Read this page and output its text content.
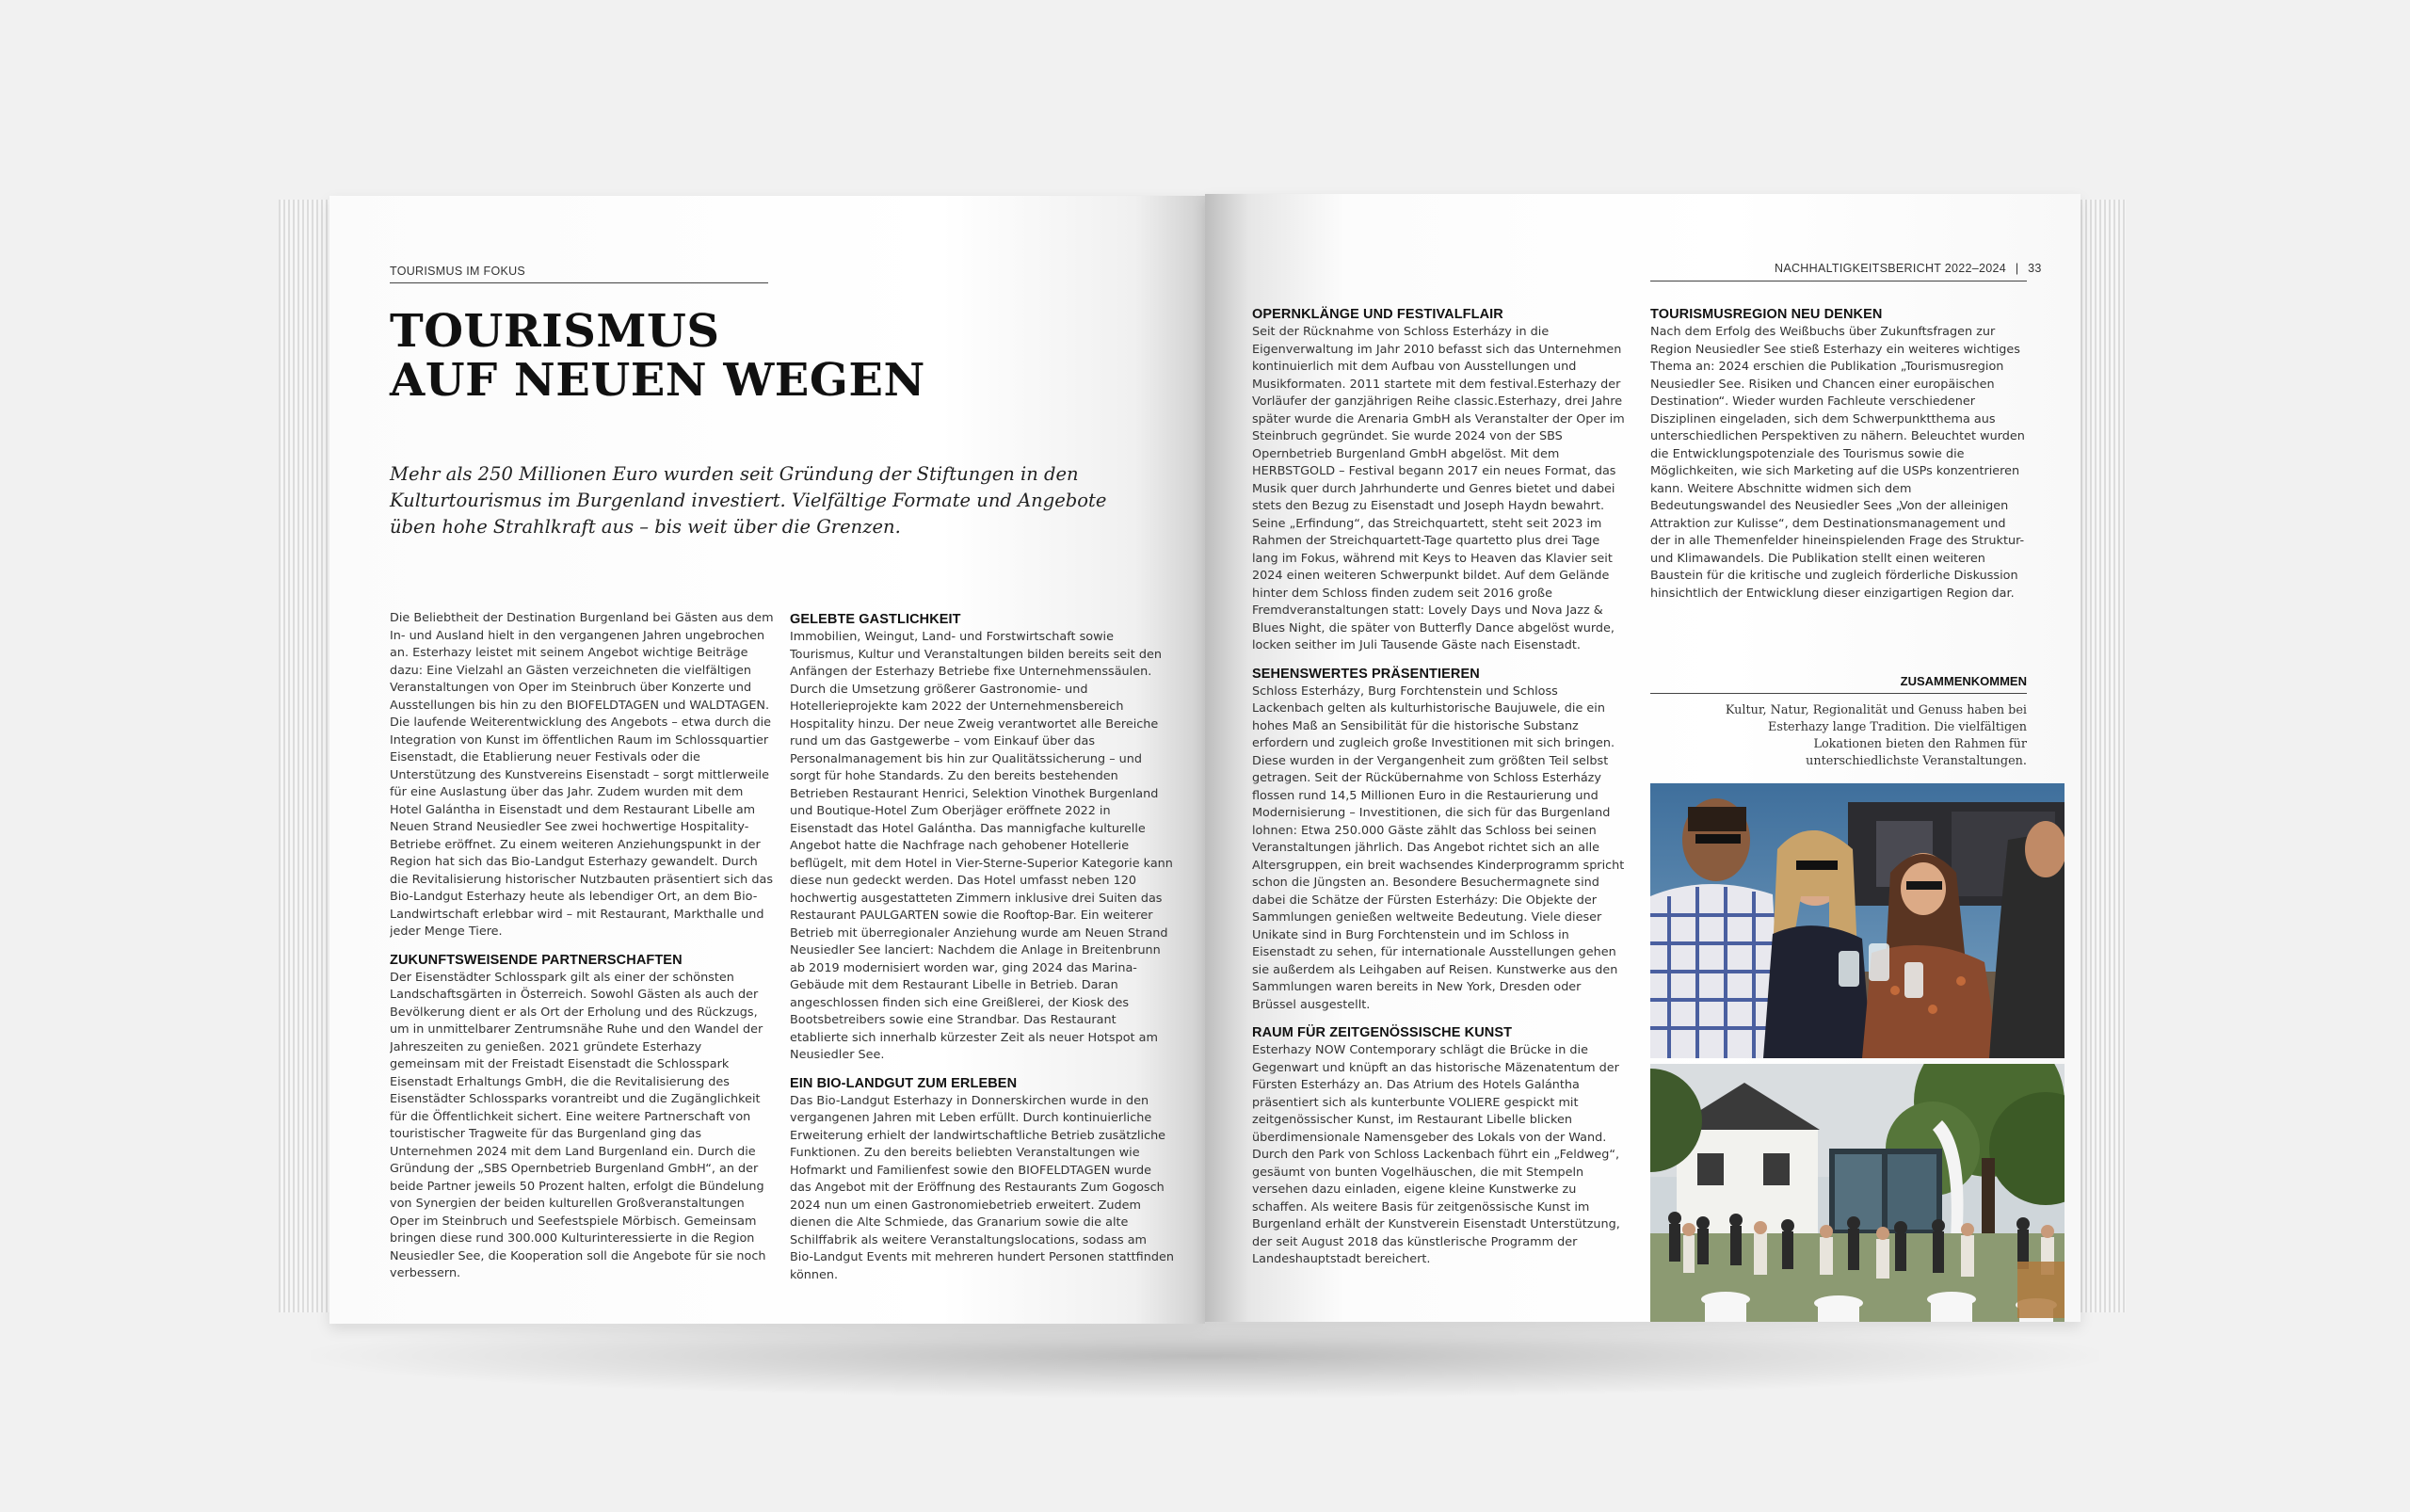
TOURISMUS IM FOKUS
TOURISMUS
AUF NEUEN WEGEN
Mehr als 250 Millionen Euro wurden seit Gründung der Stiftungen in den Kulturtourismus im Burgenland investiert. Vielfältige Formate und Angebote üben hohe Strahlkraft aus – bis weit über die Grenzen.

Die Beliebtheit der Destination Burgenland bei Gästen aus dem In- und Ausland hielt in den vergangenen Jahren ungebrochen an. Esterhazy leistet mit seinem Angebot wichtige Beiträge dazu: Eine Vielzahl an Gästen verzeichneten die vielfältigen Veranstaltungen von Oper im Steinbruch über Konzerte und Ausstellungen bis hin zu den BIOFELDTAGEN und WALDTAGEN. Die laufende Weiterentwicklung des Angebots – etwa durch die Integration von Kunst im öffentlichen Raum im Schlossquartier Eisenstadt, die Etablierung neuer Festivals oder die Unterstützung des Kunstvereins Eisenstadt – sorgt mittlerweile für eine Auslastung über das Jahr. Zudem wurden mit dem Hotel Galántha in Eisenstadt und dem Restaurant Libelle am Neuen Strand Neusiedler See zwei hochwertige Hospitality-Betriebe eröffnet. Zu einem weiteren Anziehungspunkt in der Region hat sich das Bio-Landgut Esterhazy gewandelt. Durch die Revitalisierung historischer Nutzbauten präsentiert sich das Bio-Landgut Esterhazy heute als lebendiger Ort, an dem Bio-Landwirtschaft erlebbar wird – mit Restaurant, Markthalle und jeder Menge Tiere.

ZUKUNFTSWEISENDE PARTNERSCHAFTEN

Der Eisenstädter Schlosspark gilt als einer der schönsten Landschaftsgärten in Österreich. Sowohl Gästen als auch der Bevölkerung dient er als Ort der Erholung und des Rückzugs, um in unmittelbarer Zentrumsnähe Ruhe und den Wandel der Jahreszeiten zu genießen. 2021 gründete Esterhazy gemeinsam mit der Freistadt Eisenstadt die Schlosspark Eisenstadt Erhaltungs GmbH, die die Revitalisierung des Eisenstädter Schlossparks vorantreibt und die Zugänglichkeit für die Öffentlichkeit sichert. Eine weitere Partnerschaft von touristischer Tragweite für das Burgenland ging das Unternehmen 2024 mit dem Land Burgenland ein. Durch die Gründung der „SBS Opernbetrieb Burgenland GmbH“, an der beide Partner jeweils 50 Prozent halten, erfolgt die Bündelung von Synergien der beiden kulturellen Großveranstaltungen Oper im Steinbruch und Seefestspiele Mörbisch. Gemeinsam bringen diese rund 300.000 Kulturinteressierte in die Region Neusiedler See, die Kooperation soll die Angebote für sie noch verbessern.

GELEBTE GASTLICHKEIT

Immobilien, Weingut, Land- und Forstwirtschaft sowie Tourismus, Kultur und Veranstaltungen bilden bereits seit den Anfängen der Esterhazy Betriebe fixe Unternehmenssäulen. Durch die Umsetzung größerer Gastronomie- und Hotellerieprojekte kam 2022 der Unternehmensbereich Hospitality hinzu. Der neue Zweig verantwortet alle Bereiche rund um das Gastgewerbe – vom Einkauf über das Personalmanagement bis hin zur Qualitätssicherung – und sorgt für hohe Standards. Zu den bereits bestehenden Betrieben Restaurant Henrici, Selektion Vinothek Burgenland und Boutique-Hotel Zum Oberjäger eröffnete 2022 in Eisenstadt das Hotel Galántha. Das mannigfache kulturelle Angebot hatte die Nachfrage nach gehobener Hotellerie beflügelt, mit dem Hotel in Vier-Sterne-Superior Kategorie kann diese nun gedeckt werden. Das Hotel umfasst neben 120 hochwertig ausgestatteten Zimmern inklusive drei Suiten das Restaurant PAULGARTEN sowie die Rooftop-Bar. Ein weiterer Betrieb mit überregionaler Anziehung wurde am Neuen Strand Neusiedler See lanciert: Nachdem die Anlage in Breitenbrunn ab 2019 modernisiert worden war, ging 2024 das Marina-Gebäude mit dem Restaurant Libelle in Betrieb. Daran angeschlossen finden sich eine Greißlerei, der Kiosk des Bootsbetreibers sowie eine Strandbar. Das Restaurant etablierte sich innerhalb kürzester Zeit als neuer Hotspot am Neusiedler See.

EIN BIO-LANDGUT ZUM ERLEBEN

Das Bio-Landgut Esterhazy in Donnerskirchen wurde in den vergangenen Jahren mit Leben erfüllt. Durch kontinuierliche Erweiterung erhielt der landwirtschaftliche Betrieb zusätzliche Funktionen. Zu den bereits beliebten Veranstaltungen wie Hofmarkt und Familienfest sowie den BIOFELDTAGEN wurde das Angebot mit der Eröffnung des Restaurants Zum Gogosch 2024 nun um einen Gastronomiebetrieb erweitert. Zudem dienen die Alte Schmiede, das Granarium sowie die alte Schilffabrik als weitere Veranstaltungslocations, sodass am Bio-Landgut Events mit mehreren hundert Personen stattfinden können.

NACHHALTIGKEITSBERICHT 2022–2024 | 33
OPERNKLÄNGE UND FESTIVALFLAIR

Seit der Rücknahme von Schloss Esterházy in die Eigenverwaltung im Jahr 2010 befasst sich das Unternehmen kontinuierlich mit dem Aufbau von Ausstellungen und Musikformaten. 2011 startete mit dem festival.Esterhazy der Vorläufer der ganzjährigen Reihe classic.Esterhazy, drei Jahre später wurde die Arenaria GmbH als Veranstalter der Oper im Steinbruch gegründet. Sie wurde 2024 von der SBS Opernbetrieb Burgenland GmbH abgelöst. Mit dem HERBSTGOLD – Festival begann 2017 ein neues Format, das Musik quer durch Jahrhunderte und Genres bietet und dabei stets den Bezug zu Eisenstadt und Joseph Haydn bewahrt. Seine „Erfindung“, das Streichquartett, steht seit 2023 im Rahmen der Streichquartett-Tage quartetto plus drei Tage lang im Fokus, während mit Keys to Heaven das Klavier seit 2024 einen weiteren Schwerpunkt bildet. Auf dem Gelände hinter dem Schloss finden zudem seit 2016 große Fremdveranstaltungen statt: Lovely Days und Nova Jazz & Blues Night, die später von Butterfly Dance abgelöst wurde, locken seither im Juli Tausende Gäste nach Eisenstadt.

SEHENSWERTES PRÄSENTIEREN

Schloss Esterházy, Burg Forchtenstein und Schloss Lackenbach gelten als kulturhistorische Baujuwele, die ein hohes Maß an Sensibilität für die historische Substanz erfordern und zugleich große Investitionen mit sich bringen. Diese wurden in der Vergangenheit zum größten Teil selbst getragen. Seit der Rückübernahme von Schloss Esterházy flossen rund 14,5 Millionen Euro in die Restaurierung und Modernisierung – Investitionen, die sich für das Burgenland lohnen: Etwa 250.000 Gäste zählt das Schloss bei seinen Veranstaltungen jährlich. Das Angebot richtet sich an alle Altersgruppen, ein breit wachsendes Kinderprogramm spricht schon die Jüngsten an. Besondere Besuchermagnete sind dabei die Schätze der Fürsten Esterházy: Die Objekte der Sammlungen genießen weltweite Bedeutung. Viele dieser Unikate sind in Burg Forchtenstein und im Schloss in Eisenstadt zu sehen, für internationale Ausstellungen gehen sie außerdem als Leihgaben auf Reisen. Kunstwerke aus den Sammlungen waren bereits in New York, Dresden oder Brüssel ausgestellt.

RAUM FÜR ZEITGENÖSSISCHE KUNST

Esterhazy NOW Contemporary schlägt die Brücke in die Gegenwart und knüpft an das historische Mäzenatentum der Fürsten Esterházy an. Das Atrium des Hotels Galántha präsentiert sich als kunterbunte VOLIERE gespickt mit zeitgenössischer Kunst, im Restaurant Libelle blicken überdimensionale Namensgeber des Lokals von der Wand. Durch den Park von Schloss Lackenbach führt ein „Feldweg“, gesäumt von bunten Vogelhäuschen, die mit Stempeln versehen dazu einladen, eigene kleine Kunstwerke zu schaffen. Als weitere Basis für zeitgenössische Kunst im Burgenland erhält der Kunstverein Eisenstadt Unterstützung, der seit August 2018 das künstlerische Programm der Landeshauptstadt bereichert.

TOURISMUSREGION NEU DENKEN

Nach dem Erfolg des Weißbuchs über Zukunftsfragen zur Region Neusiedler See stieß Esterhazy ein weiteres wichtiges Thema an: 2024 erschien die Publikation „Tourismusregion Neusiedler See. Risiken und Chancen einer europäischen Destination“. Wieder wurden Fachleute verschiedener Disziplinen eingeladen, sich dem Schwerpunktthema aus unterschiedlichen Perspektiven zu nähern. Beleuchtet wurden die Entwicklungspotenziale des Tourismus sowie die Möglichkeiten, wie sich Marketing auf die USPs konzentrieren kann. Weitere Abschnitte widmen sich dem Bedeutungswandel des Neusiedler Sees „Von der alleinigen Attraktion zur Kulisse“, dem Destinationsmanagement und der in alle Themenfelder hineinspielenden Frage des Struktur- und Klimawandels. Die Publikation stellt einen weiteren Baustein für die kritische und zugleich förderliche Diskussion hinsichtlich der Entwicklung dieser einzigartigen Region dar.

ZUSAMMENKOMMEN
Kultur, Natur, Regionalität und Genuss haben bei Esterhazy lange Tradition. Die vielfältigen Lokationen bieten den Rahmen für unterschiedlichste Veranstaltungen.
